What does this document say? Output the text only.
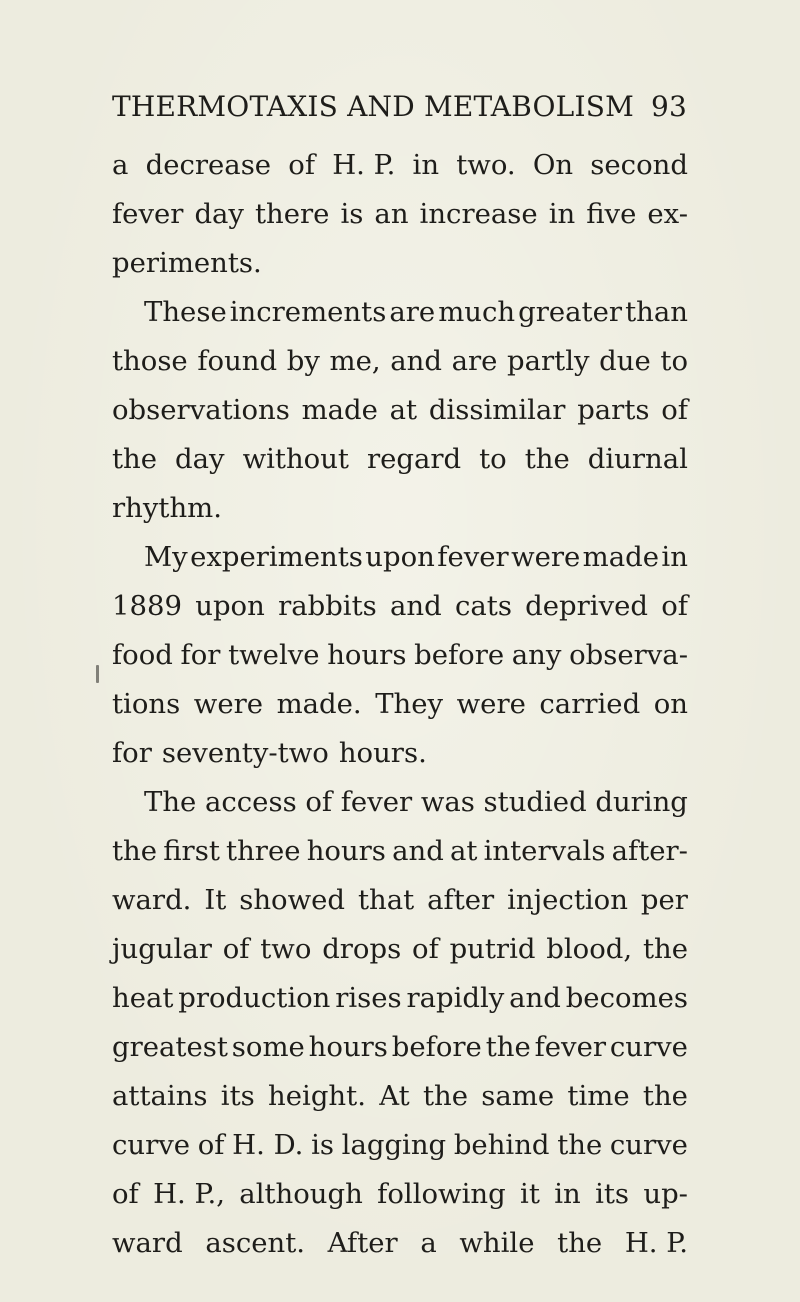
THERMOTAXIS AND METABOLISM 93
a decrease of H. P. in two. On second
fever day there is an increase in five ex-
periments.
These increments are much greater than
those found by me, and are partly due to
observations made at dissimilar parts of
the day without regard to the diurnal
rhythm.
My experiments upon fever were made in
1889 upon rabbits and cats deprived of
food for twelve hours before any observa-
tions were made. They were carried on
for seventy-two hours.
The access of fever was studied during
the first three hours and at intervals after-
ward. It showed that after injection per
jugular of two drops of putrid blood, the
heat production rises rapidly and becomes
greatest some hours before the fever curve
attains its height. At the same time the
curve of H. D. is lagging behind the curve
of H. P., although following it in its up-
ward ascent. After a while the H. P.
